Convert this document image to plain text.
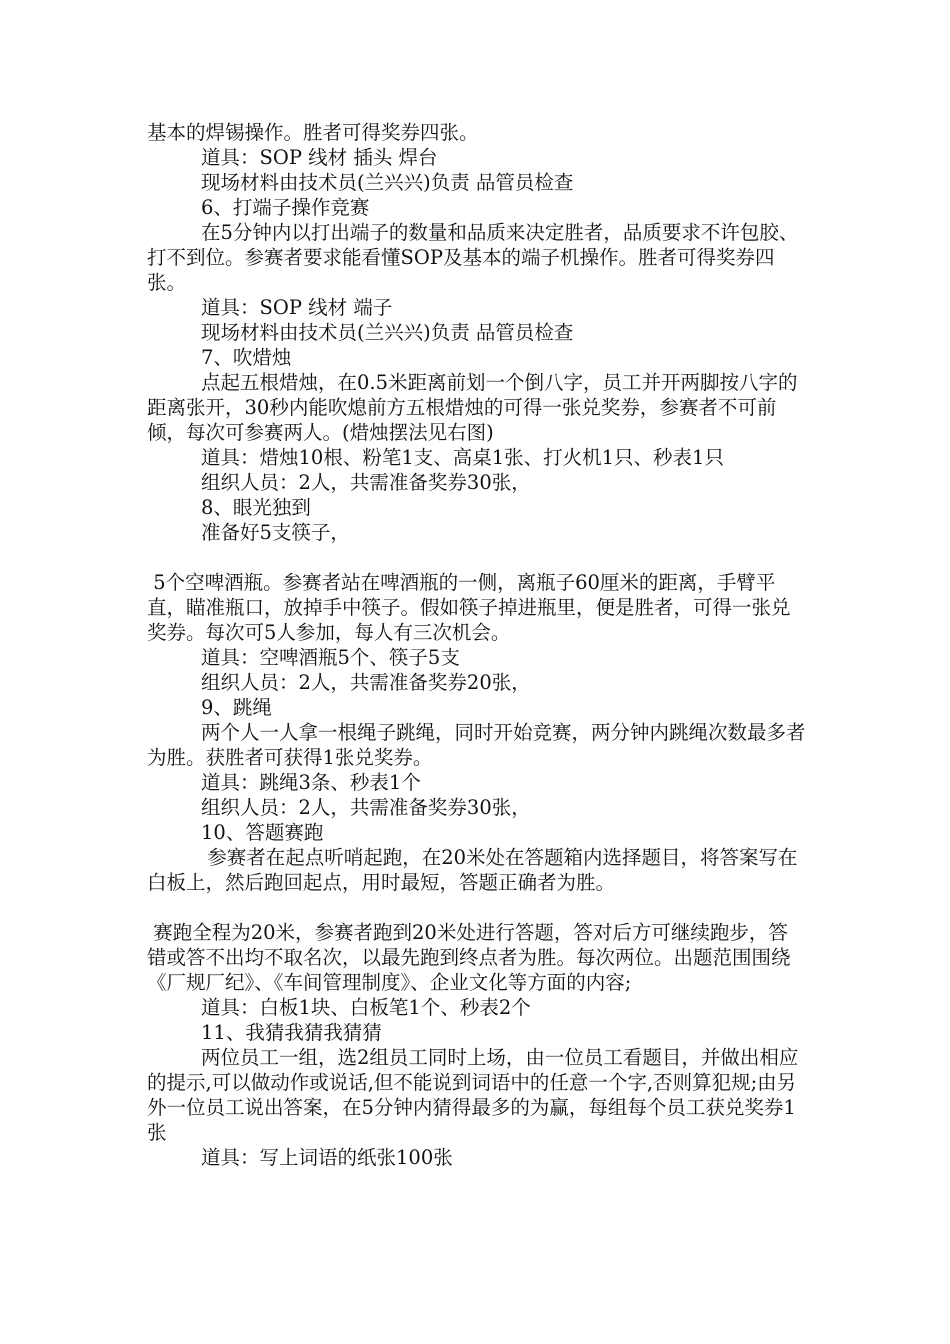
基本的焊锡操作。胜者可得奖券四张。

道具：SOP 线材 插头 焊台

现场材料由技术员(兰兴兴)负责 品管员检查

6、打端子操作竞赛

在5分钟内以打出端子的数量和品质来决定胜者，品质要求不许包胶、打不到位。参赛者要求能看懂SOP及基本的端子机操作。胜者可得奖券四张。

道具：SOP 线材 端子

现场材料由技术员(兰兴兴)负责 品管员检查

7、吹焟烛

点起五根焟烛，在0.5米距离前划一个倒八字，员工并开两脚按八字的距离张开，30秒内能吹熄前方五根焟烛的可得一张兑奖券，参赛者不可前倾，每次可参赛两人。(焟烛摆法见右图)

道具：焟烛10根、粉笔1支、高桌1张、打火机1只、秒表1只

组织人员：2人，共需准备奖券30张，

8、眼光独到

准备好5支筷子，

5个空啤酒瓶。参赛者站在啤酒瓶的一侧，离瓶子60厘米的距离，手臂平直，瞄准瓶口，放掉手中筷子。假如筷子掉进瓶里，便是胜者，可得一张兑奖券。每次可5人参加，每人有三次机会。

道具：空啤酒瓶5个、筷子5支

组织人员：2人，共需准备奖券20张，

9、跳绳

两个人一人拿一根绳子跳绳，同时开始竞赛，两分钟内跳绳次数最多者为胜。获胜者可获得1张兑奖券。

道具：跳绳3条、秒表1个

组织人员：2人，共需准备奖券30张，

10、答题赛跑

参赛者在起点听哨起跑，在20米处在答题箱内选择题目，将答案写在白板上，然后跑回起点，用时最短，答题正确者为胜。

赛跑全程为20米，参赛者跑到20米处进行答题，答对后方可继续跑步，答错或答不出均不取名次，以最先跑到终点者为胜。每次两位。出题范围围绕《厂规厂纪》、《车间管理制度》、企业文化等方面的内容;

道具：白板1块、白板笔1个、秒表2个

11、我猜我猜我猜猜

两位员工一组，选2组员工同时上场，由一位员工看题目，并做出相应的提示,可以做动作或说话,但不能说到词语中的任意一个字,否则算犯规;由另外一位员工说出答案，在5分钟内猜得最多的为赢，每组每个员工获兑奖券1张

道具：写上词语的纸张100张
